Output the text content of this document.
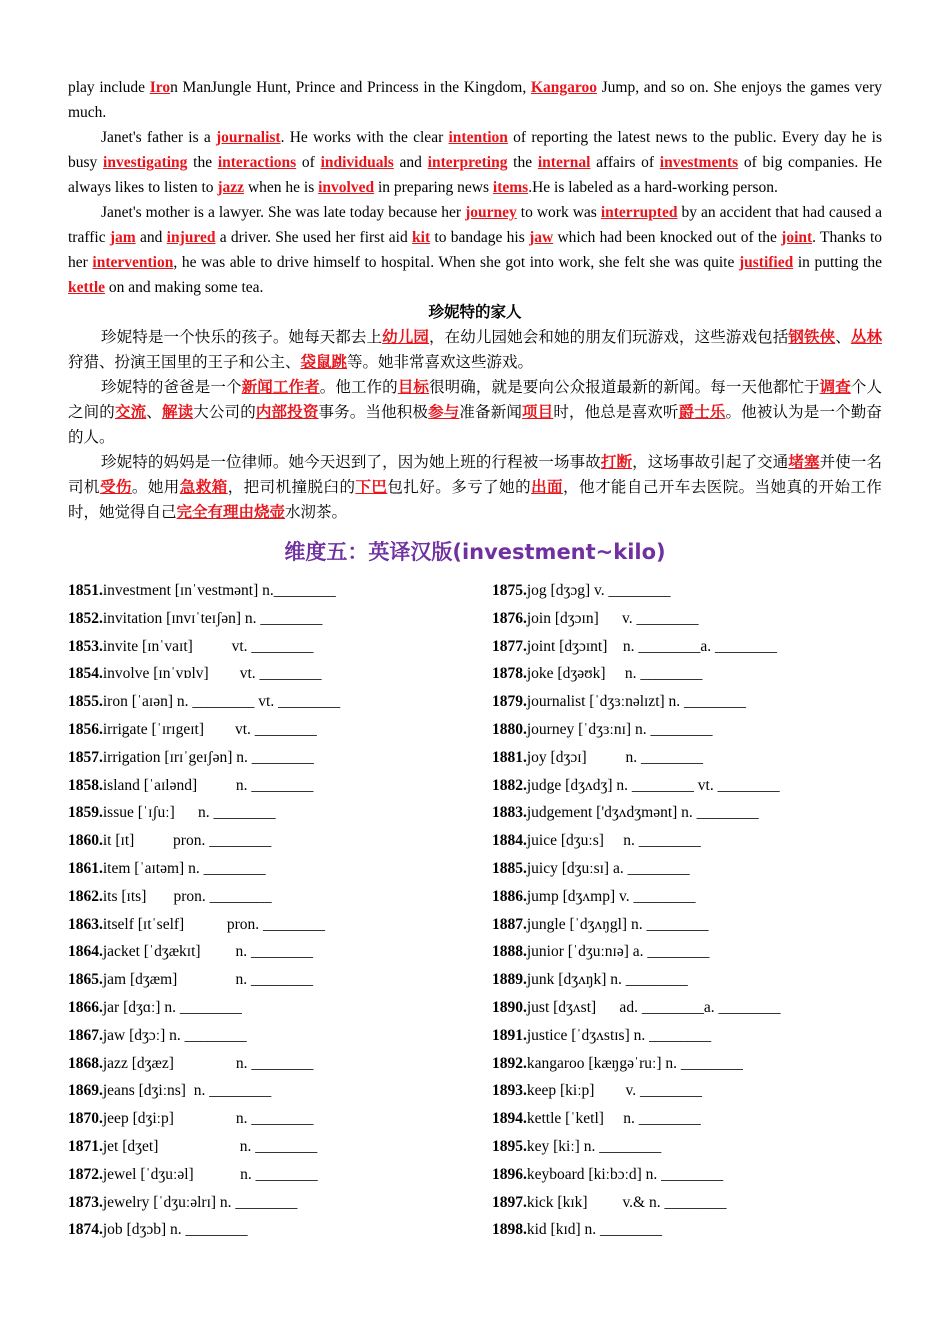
play include Iron ManJungle Hunt, Prince and Princess in the Kingdom, Kangaroo Jump, and so on. She enjoys the games very much.

Janet's father is a journalist. He works with the clear intention of reporting the latest news to the public. Every day he is busy investigating the interactions of individuals and interpreting the internal affairs of investments of big companies. He always likes to listen to jazz when he is involved in preparing news items.He is labeled as a hard-working person.

Janet's mother is a lawyer. She was late today because her journey to work was interrupted by an accident that had caused a traffic jam and injured a driver. She used her first aid kit to bandage his jaw which had been knocked out of the joint. Thanks to her intervention, he was able to drive himself to hospital. When she got into work, she felt she was quite justified in putting the kettle on and making some tea.

珍妮特的家人

珍妮特是一个快乐的孩子。她每天都去上幼儿园，在幼儿园她会和她的朋友们玩游戏，这些游戏包括钢铁侠、丛林狩猎、扮演王国里的王子和公主、袋鼠跳等。她非常喜欢这些游戏。

珍妮特的爸爸是一个新闻工作者。他工作的目标很明确，就是要向公众报道最新的新闻。每一天他都忙于调查个人之间的交流、解读大公司的内部投资事务。当他积极参与准备新闻项目时，他总是喜欢听爵士乐。他被认为是一个勤奋的人。

珍妮特的妈妈是一位律师。她今天迟到了，因为她上班的行程被一场事故打断，这场事故引起了交通堵塞并使一名司机受伤。她用急救箱，把司机撞脱臼的下巴包扎好。多亏了她的出面，他才能自己开车去医院。当她真的开始工作时，她觉得自己完全有理由烧壶水沏茶。

维度五：英译汉版(investment~kilo)
1851.investment [ɪnˈvestmənt] n.________
1852.invitation [ɪnvɪˈteɪʃən] n. ________
1853.invite [ɪnˈvaɪt]          vt. ________
1854.involve [ɪnˈvɒlv]        vt. ________
1855.iron [ˈaɪən] n. ________ vt. ________
1856.irrigate [ˈɪrɪgeɪt]        vt. ________
1857.irrigation [ɪrɪˈgeɪʃən] n. ________
1858.island [ˈaɪlənd]          n. ________
1859.issue [ˈɪʃuː]      n. ________
1860.it [ɪt]          pron. ________
1861.item [ˈaɪtəm] n. ________
1862.its [ɪts]       pron. ________
1863.itself [ɪtˈself]           pron. ________
1864.jacket [ˈdʒækɪt]         n. ________
1865.jam [dʒæm]               n. ________
1866.jar [dʒɑː] n. ________
1867.jaw [dʒɔː] n. ________
1868.jazz [dʒæz]                n. ________
1869.jeans [dʒiːns]  n. ________
1870.jeep [dʒiːp]                n. ________
1871.jet [dʒet]                     n. ________
1872.jewel [ˈdʒuːəl]            n. ________
1873.jewelry [ˈdʒuːəlrɪ] n. ________
1874.job [dʒɔb] n. ________
1875.jog [dʒɔg] v. ________
1876.join [dʒɔɪn]      v. ________
1877.joint [dʒɔɪnt]    n. ________a. ________
1878.joke [dʒəʊk]     n. ________
1879.journalist [ˈdʒɜːnəlɪzt] n. ________
1880.journey [ˈdʒɜːnɪ] n. ________
1881.joy [dʒɔɪ]          n. ________
1882.judge [dʒʌdʒ] n. ________ vt. ________
1883.judgement ['dʒʌdʒmənt] n. ________
1884.juice [dʒuːs]     n. ________
1885.juicy [dʒuːsɪ] a. ________
1886.jump [dʒʌmp] v. ________
1887.jungle [ˈdʒʌŋgl] n. ________
1888.junior [ˈdʒuːnɪə] a. ________
1889.junk [dʒʌŋk] n. ________
1890.just [dʒʌst]      ad. ________a. ________
1891.justice [ˈdʒʌstɪs] n. ________
1892.kangaroo [kæŋgəˈruː] n. ________
1893.keep [kiːp]        v. ________
1894.kettle [ˈketl]     n. ________
1895.key [kiː] n. ________
1896.keyboard [kiːbɔːd] n. ________
1897.kick [kɪk]         v.& n. ________
1898.kid [kɪd] n. ________
